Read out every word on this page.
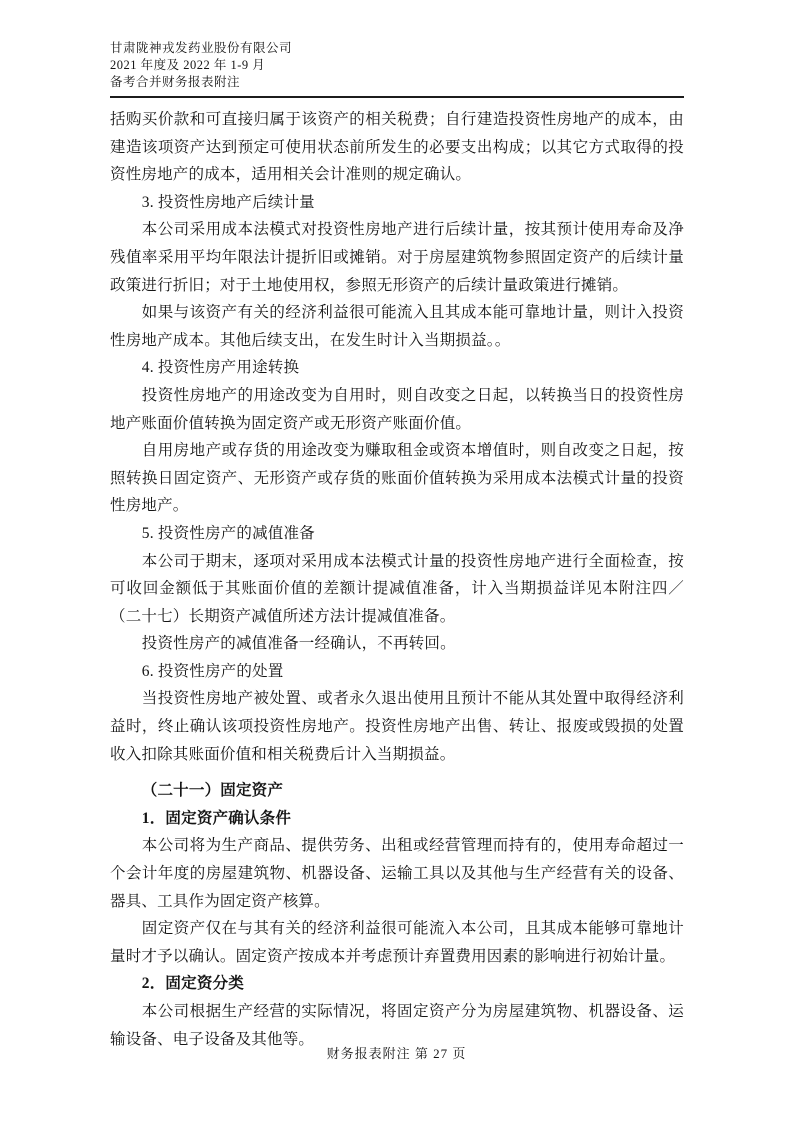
甘肃陇神戎发药业股份有限公司
2021 年度及 2022 年 1-9 月
备考合并财务报表附注

括购买价款和可直接归属于该资产的相关税费；自行建造投资性房地产的成本，由建造该项资产达到预定可使用状态前所发生的必要支出构成；以其它方式取得的投资性房地产的成本，适用相关会计准则的规定确认。

3. 投资性房地产后续计量

本公司采用成本法模式对投资性房地产进行后续计量，按其预计使用寿命及净残值率采用平均年限法计提折旧或摊销。对于房屋建筑物参照固定资产的后续计量政策进行折旧；对于土地使用权，参照无形资产的后续计量政策进行摊销。

如果与该资产有关的经济利益很可能流入且其成本能可靠地计量，则计入投资性房地产成本。其他后续支出，在发生时计入当期损益。。

4. 投资性房产用途转换

投资性房地产的用途改变为自用时，则自改变之日起，以转换当日的投资性房地产账面价值转换为固定资产或无形资产账面价值。

自用房地产或存货的用途改变为赚取租金或资本增值时，则自改变之日起，按照转换日固定资产、无形资产或存货的账面价值转换为采用成本法模式计量的投资性房地产。

5. 投资性房产的减值准备

本公司于期末，逐项对采用成本法模式计量的投资性房地产进行全面检查，按可收回金额低于其账面价值的差额计提减值准备，计入当期损益详见本附注四／（二十七）长期资产减值所述方法计提减值准备。

投资性房产的减值准备一经确认，不再转回。

6. 投资性房产的处置

当投资性房地产被处置、或者永久退出使用且预计不能从其处置中取得经济利益时，终止确认该项投资性房地产。投资性房地产出售、转让、报废或毁损的处置收入扣除其账面价值和相关税费后计入当期损益。

（二十一）固定资产

1．固定资产确认条件

本公司将为生产商品、提供劳务、出租或经营管理而持有的，使用寿命超过一个会计年度的房屋建筑物、机器设备、运输工具以及其他与生产经营有关的设备、器具、工具作为固定资产核算。

固定资产仅在与其有关的经济利益很可能流入本公司，且其成本能够可靠地计量时才予以确认。固定资产按成本并考虑预计弃置费用因素的影响进行初始计量。

2．固定资分类

本公司根据生产经营的实际情况，将固定资产分为房屋建筑物、机器设备、运输设备、电子设备及其他等。

财务报表附注 第 27 页
